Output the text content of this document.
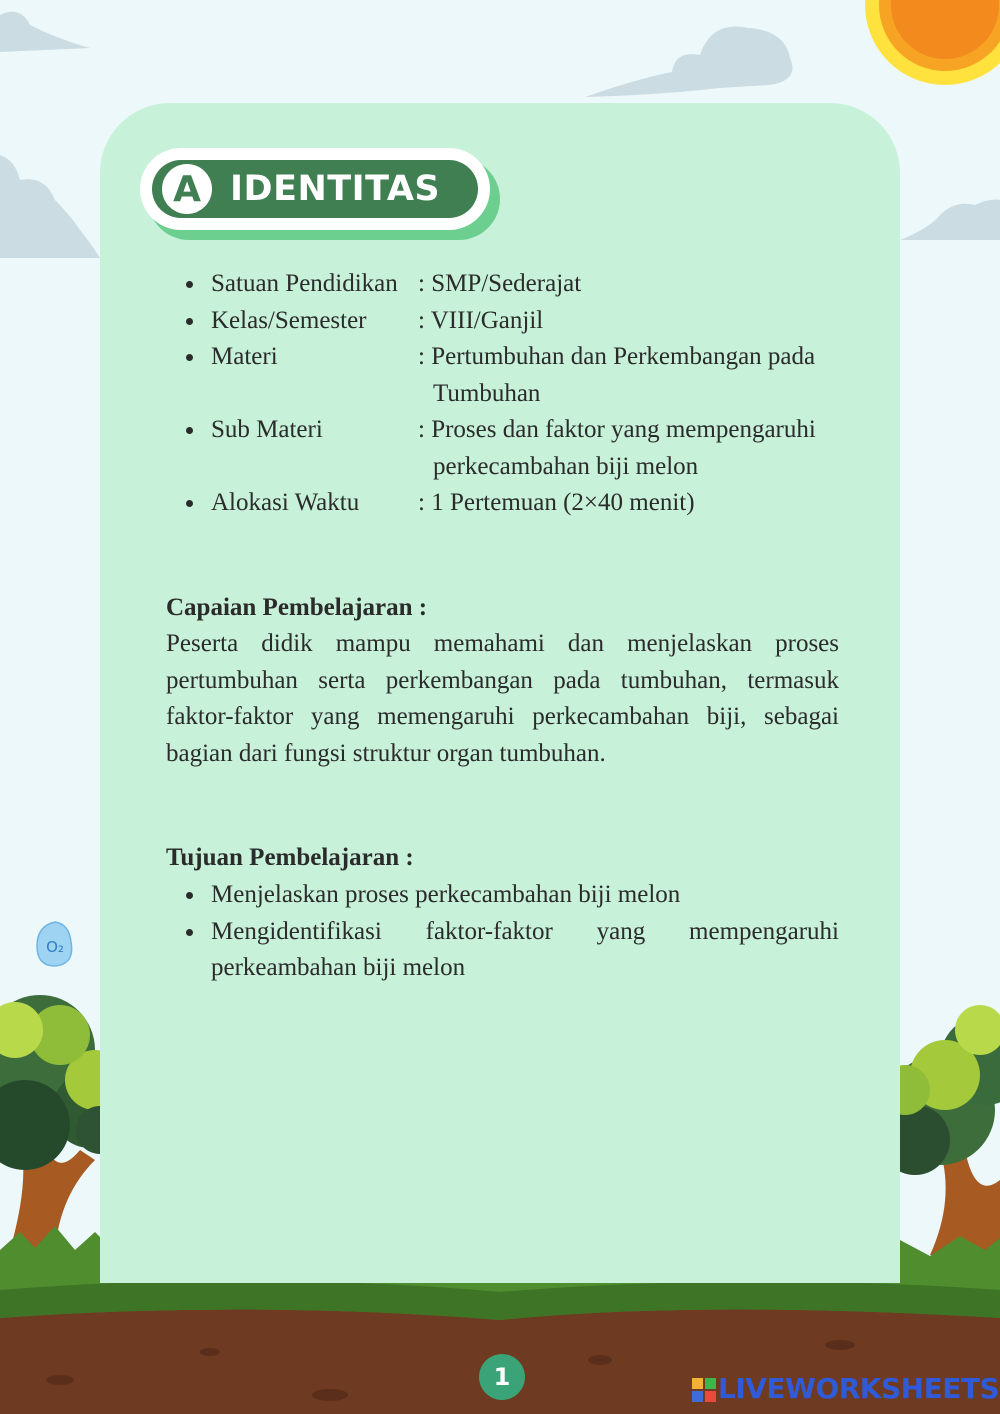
A IDENTITAS
Satuan Pendidikan : SMP/Sederajat
Kelas/Semester : VIII/Ganjil
Materi	: Pertumbuhan dan Perkembangan pada Tumbuhan
Sub Materi	: Proses dan faktor yang mempengaruhi perkecambahan biji melon
Alokasi Waktu : 1 Pertemuan (2×40 menit)
Capaian Pembelajaran :

Peserta didik mampu memahami dan menjelaskan proses pertumbuhan serta perkembangan pada tumbuhan, termasuk faktor-faktor yang memengaruhi perkecambahan biji, sebagai bagian dari fungsi struktur organ tumbuhan.

Tujuan Pembelajaran :
Menjelaskan proses perkecambahan biji melon
Mengidentifikasi faktor-faktor yang mempengaruhi perkeambahan biji melon
O₂
1	LIVEWORKSHEETS
